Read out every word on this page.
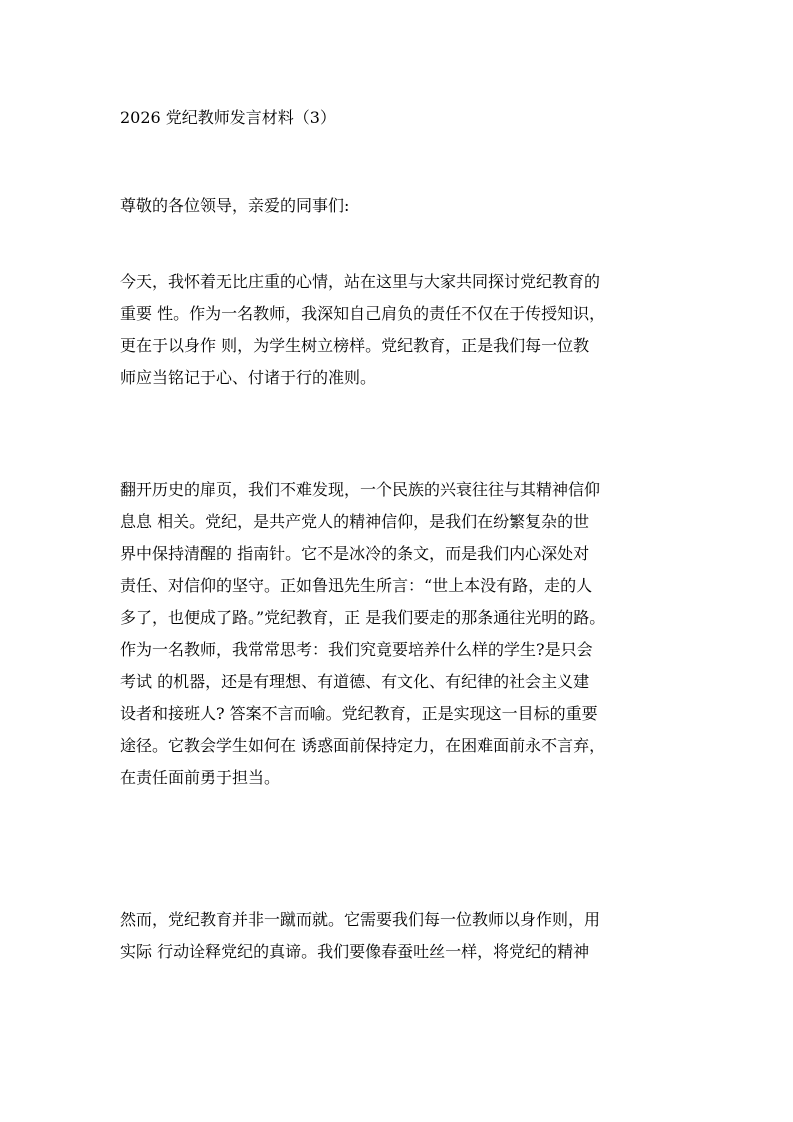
2026 党纪教师发言材料（3）
尊敬的各位领导，亲爱的同事们:
今天，我怀着无比庄重的心情，站在这里与大家共同探讨党纪教育的
重要 性。作为一名教师，我深知自己肩负的责任不仅在于传授知识，
更在于以身作 则，为学生树立榜样。党纪教育，正是我们每一位教
师应当铭记于心、付诸于行的准则。
翻开历史的扉页，我们不难发现，一个民族的兴衰往往与其精神信仰
息息 相关。党纪，是共产党人的精神信仰，是我们在纷繁复杂的世
界中保持清醒的 指南针。它不是冰冷的条文，而是我们内心深处对
责任、对信仰的坚守。正如鲁迅先生所言：“世上本没有路，走的人
多了，也便成了路。”党纪教育，正 是我们要走的那条通往光明的路。
作为一名教师，我常常思考：我们究竟要培养什么样的学生?是只会
考试 的机器，还是有理想、有道德、有文化、有纪律的社会主义建
设者和接班人? 答案不言而喻。党纪教育，正是实现这一目标的重要
途径。它教会学生如何在 诱惑面前保持定力，在困难面前永不言弃，
在责任面前勇于担当。
然而，党纪教育并非一蹴而就。它需要我们每一位教师以身作则，用
实际 行动诠释党纪的真谛。我们要像春蚕吐丝一样，将党纪的精神
